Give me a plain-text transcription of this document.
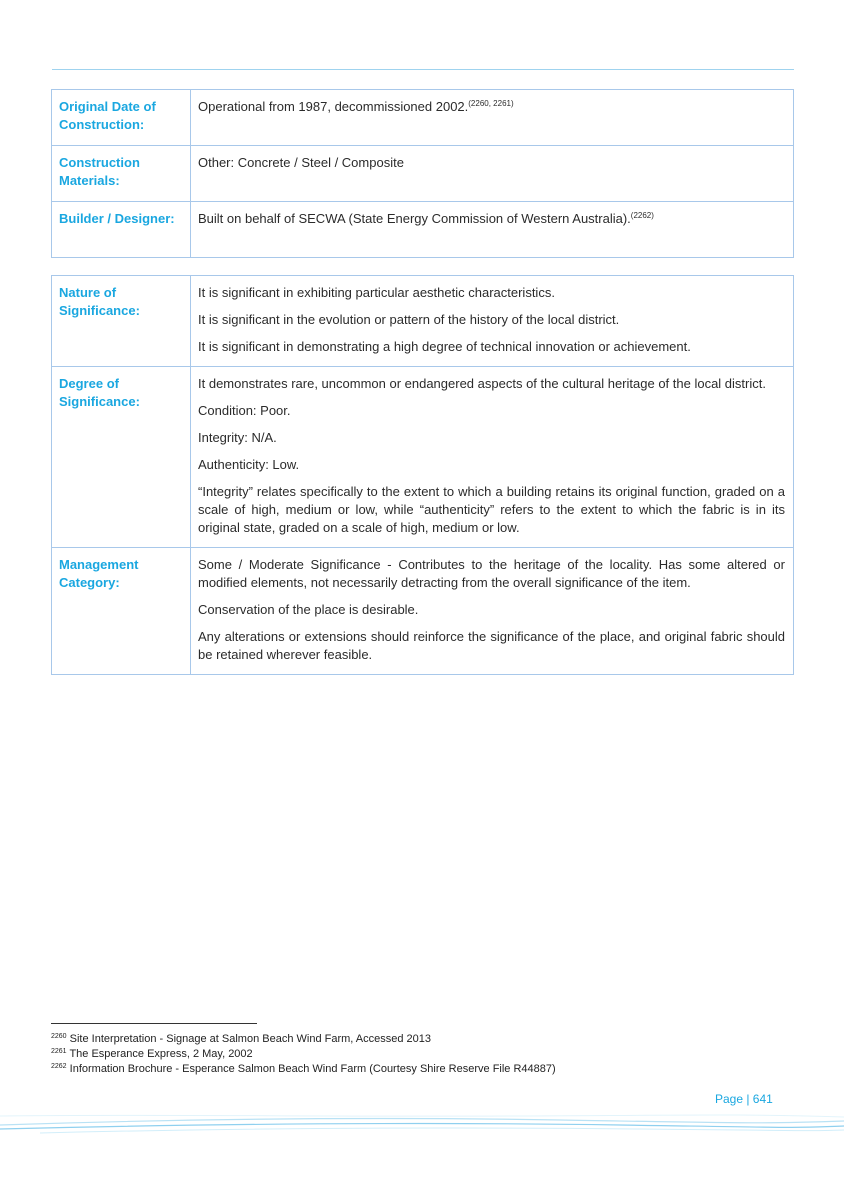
Original Date of Construction:	Operational from 1987, decommissioned 2002.$^{(2260, 2261)}$
Construction Materials:	Other: Concrete / Steel / Composite
Builder / Designer:	Built on behalf of SECWA (State Energy Commission of Western Australia).$^{(2262)}$
Nature of Significance:	It is significant in exhibiting particular aesthetic characteristics.

It is significant in the evolution or pattern of the history of the local district.

It is significant in demonstrating a high degree of technical innovation or achievement.

Degree of Significance:	It demonstrates rare, uncommon or endangered aspects of the cultural heritage of the local district.

Condition: Poor.

Integrity: N/A.

Authenticity: Low.

“Integrity” relates specifically to the extent to which a building retains its original function, graded on a scale of high, medium or low, while “authenticity” refers to the extent to which the fabric is in its original state, graded on a scale of high, medium or low.

Management Category:	Some / Moderate Significance - Contributes to the heritage of the locality. Has some altered or modified elements, not necessarily detracting from the overall significance of the item.

Conservation of the place is desirable.

Any alterations or extensions should reinforce the significance of the place, and original fabric should be retained wherever feasible.

$^{2260}$ Site Interpretation - Signage at Salmon Beach Wind Farm, Accessed 2013
$^{2261}$ The Esperance Express, 2 May, 2002
$^{2262}$ Information Brochure - Esperance Salmon Beach Wind Farm (Courtesy Shire Reserve File R44887)
Page | 641
